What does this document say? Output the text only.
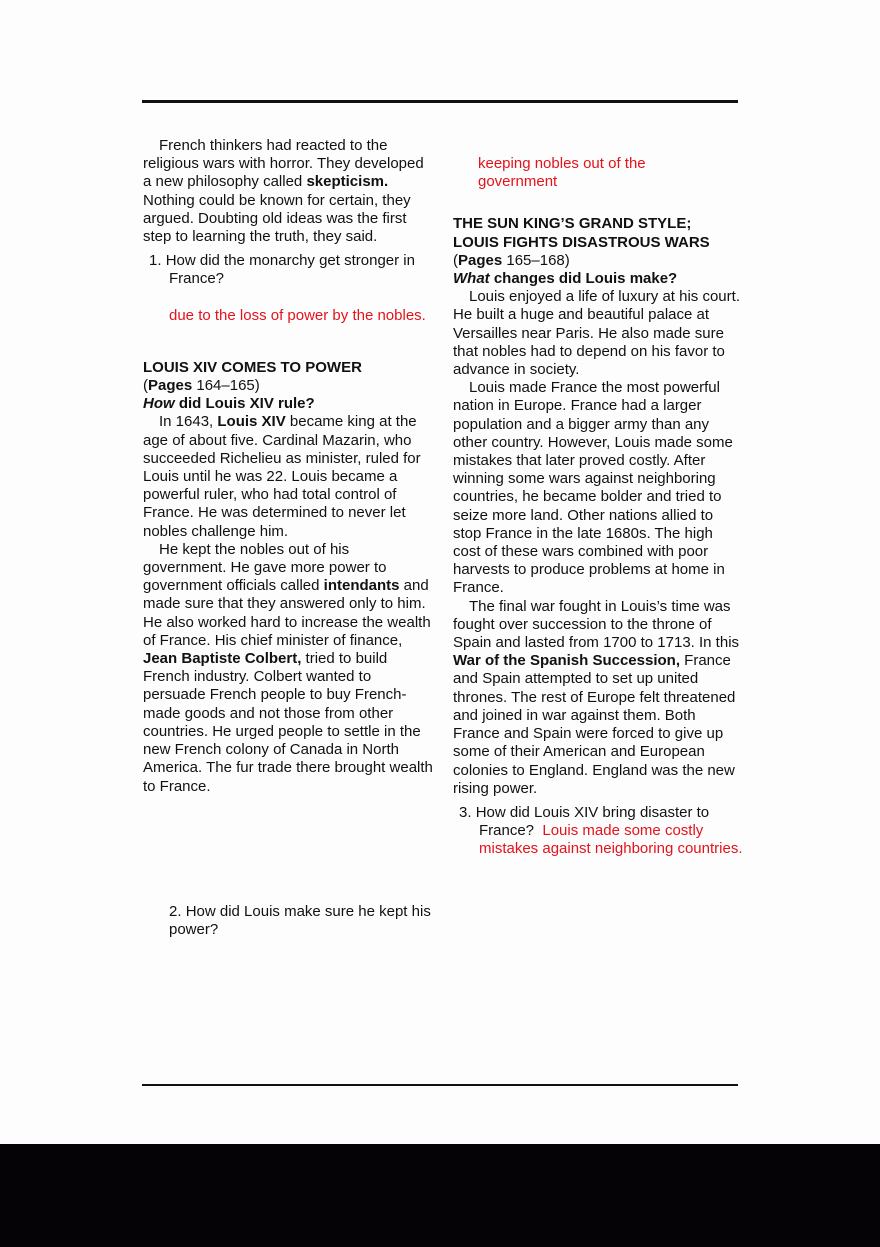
French thinkers had reacted to the religious wars with horror. They developed a new philosophy called skepticism. Nothing could be known for certain, they argued. Doubting old ideas was the first step to learning the truth, they said.

1. How did the monarchy get stronger in France?

due to the loss of power by the nobles.

LOUIS XIV COMES TO POWER

(Pages 164–165)

How did Louis XIV rule?

In 1643, Louis XIV became king at the age of about five. Cardinal Mazarin, who succeeded Richelieu as minister, ruled for Louis until he was 22. Louis became a powerful ruler, who had total control of France. He was determined to never let nobles challenge him.

He kept the nobles out of his government. He gave more power to government officials called intendants and made sure that they answered only to him. He also worked hard to increase the wealth of France. His chief minister of finance, Jean Baptiste Colbert, tried to build French industry. Colbert wanted to persuade French people to buy French-made goods and not those from other countries. He urged people to settle in the new French colony of Canada in North America. The fur trade there brought wealth to France.

2. How did Louis make sure he kept his power?

keeping nobles out of the government

THE SUN KING’S GRAND STYLE;

LOUIS FIGHTS DISASTROUS WARS

(Pages 165–168)

What changes did Louis make?

Louis enjoyed a life of luxury at his court. He built a huge and beautiful palace at Versailles near Paris. He also made sure that nobles had to depend on his favor to advance in society.

Louis made France the most powerful nation in Europe. France had a larger population and a bigger army than any other country. However, Louis made some mistakes that later proved costly. After winning some wars against neighboring countries, he became bolder and tried to seize more land. Other nations allied to stop France in the late 1680s. The high cost of these wars combined with poor harvests to produce problems at home in France.

The final war fought in Louis’s time was fought over succession to the throne of Spain and lasted from 1700 to 1713. In this War of the Spanish Succession, France and Spain attempted to set up united thrones. The rest of Europe felt threatened and joined in war against them. Both France and Spain were forced to give up some of their American and European colonies to England. England was the new rising power.

3. How did Louis XIV bring disaster to France? Louis made some costly mistakes against neighboring countries.
